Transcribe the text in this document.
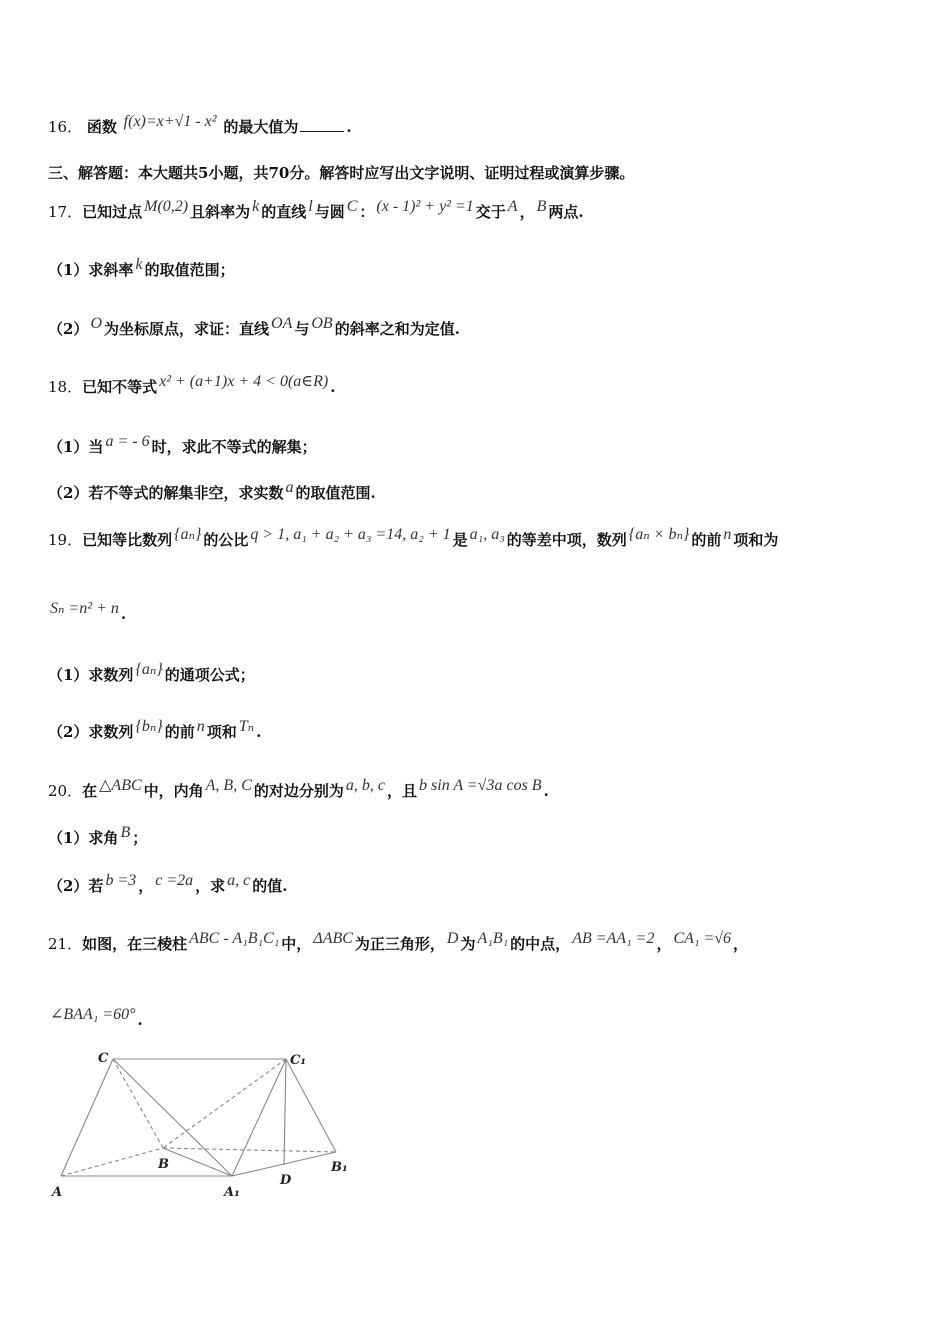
16． 函数 f(x)=x+√1 - x² 的最大值为	.
三、解答题：本大题共5小题，共70分。解答时应写出文字说明、证明过程或演算步骤。
17．已知过点 M(0,2) 且斜率为 k 的直线 l 与圆 C ： (x - 1)² + y² =1 交于 A ， B 两点.
（1）求斜率 k 的取值范围；
（2） O 为坐标原点，求证：直线 OA 与 OB 的斜率之和为定值.
18．已知不等式 x² + (a+1)x + 4 < 0(a∈R) .
（1）当 a = - 6 时，求此不等式的解集；
（2）若不等式的解集非空，求实数 a 的取值范围.
19．已知等比数列 {aₙ} 的公比 q > 1, a₁ + a₂ + a₃ =14, a₂ + 1 是 a₁, a₃ 的等差中项，数列 {aₙ × bₙ} 的前 n 项和为
Sₙ =n² + n .
（1）求数列 {aₙ} 的通项公式；
（2）求数列 {bₙ} 的前 n 项和 Tₙ .
20．在 △ABC 中，内角 A, B, C 的对边分别为 a, b, c ，且 b sin A =√3a cos B .
（1）求角 B ；
（2）若 b =3 ， c =2a ，求 a, c 的值.
21．如图，在三棱柱 ABC - A₁B₁C₁ 中， ΔABC 为正三角形， D 为 A₁B₁ 的中点， AB =AA₁ =2 ， CA₁ =√6 ，
∠BAA₁ =60° .
C	C₁
A
B
A₁
D
B₁
